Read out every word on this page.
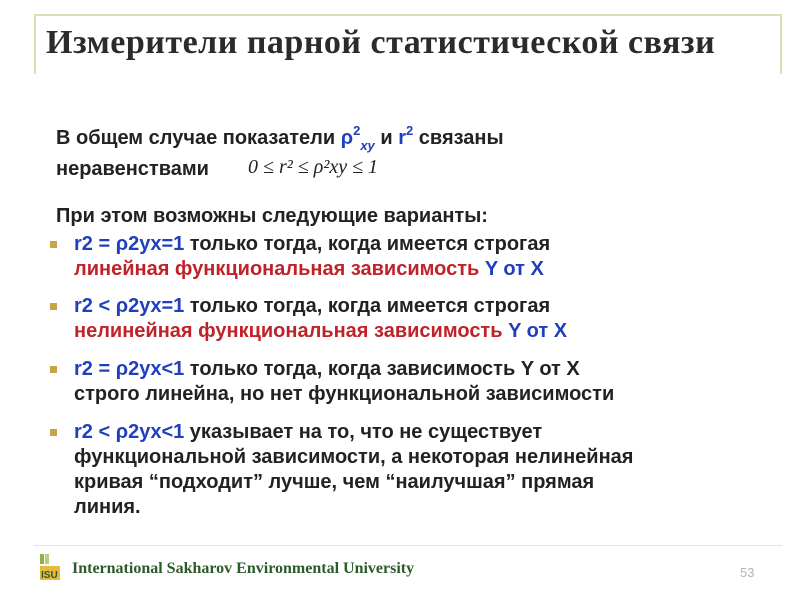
Измерители парной статистической связи
В общем случае показатели $\rho^2_{xy}$ и $r^2$ связаны
неравенствами 0 ≤ r² ≤ ρ²xy ≤ 1
При этом возможны следующие варианты:
r2 = ρ2yx=1 только тогда, когда имеется строгая
линейная функциональная зависимость Y от X
r2 < ρ2yx=1 только тогда, когда имеется строгая
нелинейная функциональная зависимость Y от X
r2 = ρ2yx<1 только тогда, когда зависимость Y от X
строго линейна, но нет функциональной зависимости
r2 < ρ2yx<1 указывает на то, что не существует
функциональной зависимости, а некоторая нелинейная
кривая “подходит” лучше, чем “наилучшая” прямая
линия.
ISU International Sakharov Environmental University	53
